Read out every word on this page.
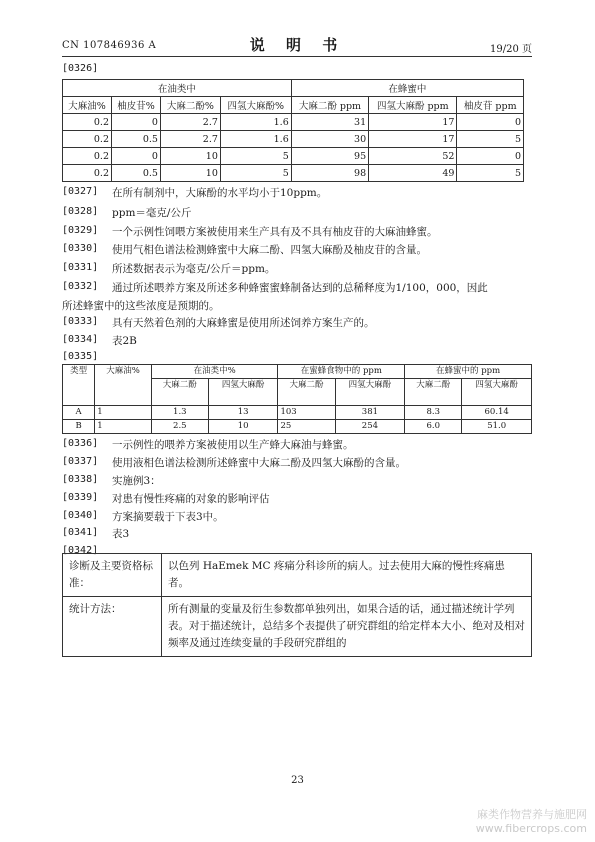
CN 107846936 A	说 明 书	19/20 页
[0326]
在油类中				在蜂蜜中		
大麻油%	柚皮苷%	大麻二酚%	四氢大麻酚%	大麻二酚 ppm	四氢大麻酚 ppm	柚皮苷 ppm
0.2	0	2.7	1.6	31	17	0
0.2	0.5	2.7	1.6	30	17	5
0.2	0	10	5	95	52	0
0.2	0.5	10	5	98	49	5
[0327] 在所有制剂中，大麻酚的水平均小于10ppm。
[0328] ppm＝毫克/公斤
[0329] 一个示例性饲喂方案被使用来生产具有及不具有柚皮苷的大麻油蜂蜜。
[0330] 使用气相色谱法检测蜂蜜中大麻二酚、四氢大麻酚及柚皮苷的含量。
[0331] 所述数据表示为毫克/公斤＝ppm。
[0332] 通过所述喂养方案及所述多种蜂蜜蜜蜂制备达到的总稀释度为1/100，000，因此
所述蜂蜜中的这些浓度是预期的。
[0333] 具有天然着色剂的大麻蜂蜜是使用所述饲养方案生产的。
[0334] 表2B
[0335]
类型	大麻油%	在油类中%		在蜜蜂食物中的 ppm		在蜂蜜中的 ppm	
		大麻二酚	四氢大麻酚	大麻二酚	四氢大麻酚	大麻二酚	四氢大麻酚
A	1	1.3	13	103	381	8.3	60.14
B	1	2.5	10	25	254	6.0	51.0
[0336] 一示例性的喂养方案被使用以生产蜂大麻油与蜂蜜。
[0337] 使用液相色谱法检测所述蜂蜜中大麻二酚及四氢大麻酚的含量。
[0338] 实施例3：
[0339] 对患有慢性疼痛的对象的影响评估
[0340] 方案摘要载于下表3中。
[0341] 表3
[0342]
诊断及主要资格标准：	以色列 HaEmek MC 疼痛分科诊所的病人。过去使用大麻的慢性疼痛患者。
统计方法：	所有测量的变量及衍生参数都单独列出，如果合适的话，通过描述统计学列表。对于描述统计，总结多个表提供了研究群组的给定样本大小、绝对及相对频率及通过连续变量的手段研究群组的
23
麻类作物营养与施肥网
www.fibercrops.com
